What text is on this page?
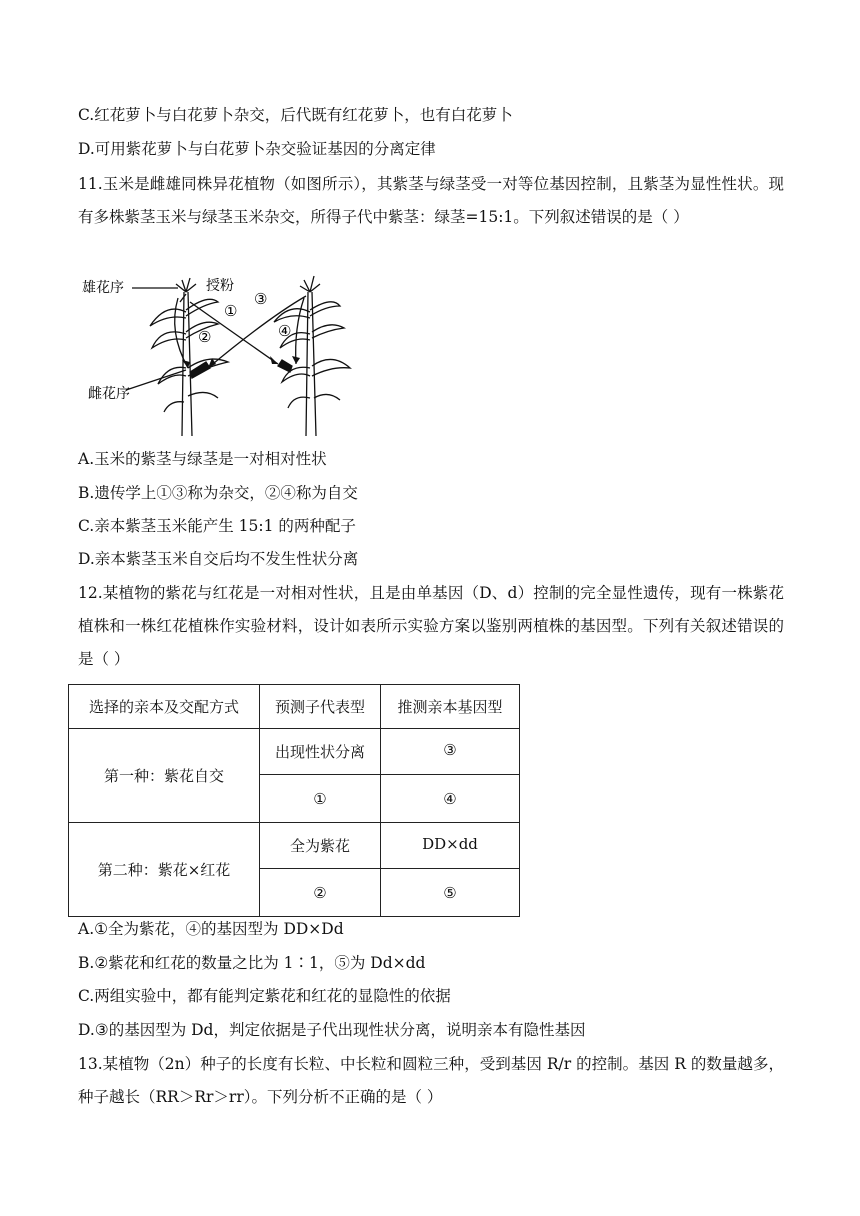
C.红花萝卜与白花萝卜杂交，后代既有红花萝卜，也有白花萝卜
D.可用紫花萝卜与白花萝卜杂交验证基因的分离定律
11.玉米是雌雄同株异花植物（如图所示），其紫茎与绿茎受一对等位基因控制，且紫茎为显性性状。现有多株紫茎玉米与绿茎玉米杂交，所得子代中紫茎：绿茎=15:1。下列叙述错误的是（ ）
雄花序
雌花序
授粉
①
②
③
④
A.玉米的紫茎与绿茎是一对相对性状
B.遗传学上①③称为杂交，②④称为自交
C.亲本紫茎玉米能产生 15:1 的两种配子
D.亲本紫茎玉米自交后均不发生性状分离
12.某植物的紫花与红花是一对相对性状，且是由单基因（D、d）控制的完全显性遗传，现有一株紫花植株和一株红花植株作实验材料，设计如表所示实验方案以鉴别两植株的基因型。下列有关叙述错误的是（ ）
选择的亲本及交配方式	预测子代表型	推测亲本基因型
第一种：紫花自交	出现性状分离	③
	①	④
第二种：紫花×红花	全为紫花	DD×dd
	②	⑤
A.①全为紫花，④的基因型为 DD×Dd
B.②紫花和红花的数量之比为 1∶1，⑤为 Dd×dd
C.两组实验中，都有能判定紫花和红花的显隐性的依据
D.③的基因型为 Dd，判定依据是子代出现性状分离，说明亲本有隐性基因
13.某植物（2n）种子的长度有长粒、中长粒和圆粒三种，受到基因 R/r 的控制。基因 R 的数量越多，种子越长（RR＞Rr＞rr）。下列分析不正确的是（ ）
